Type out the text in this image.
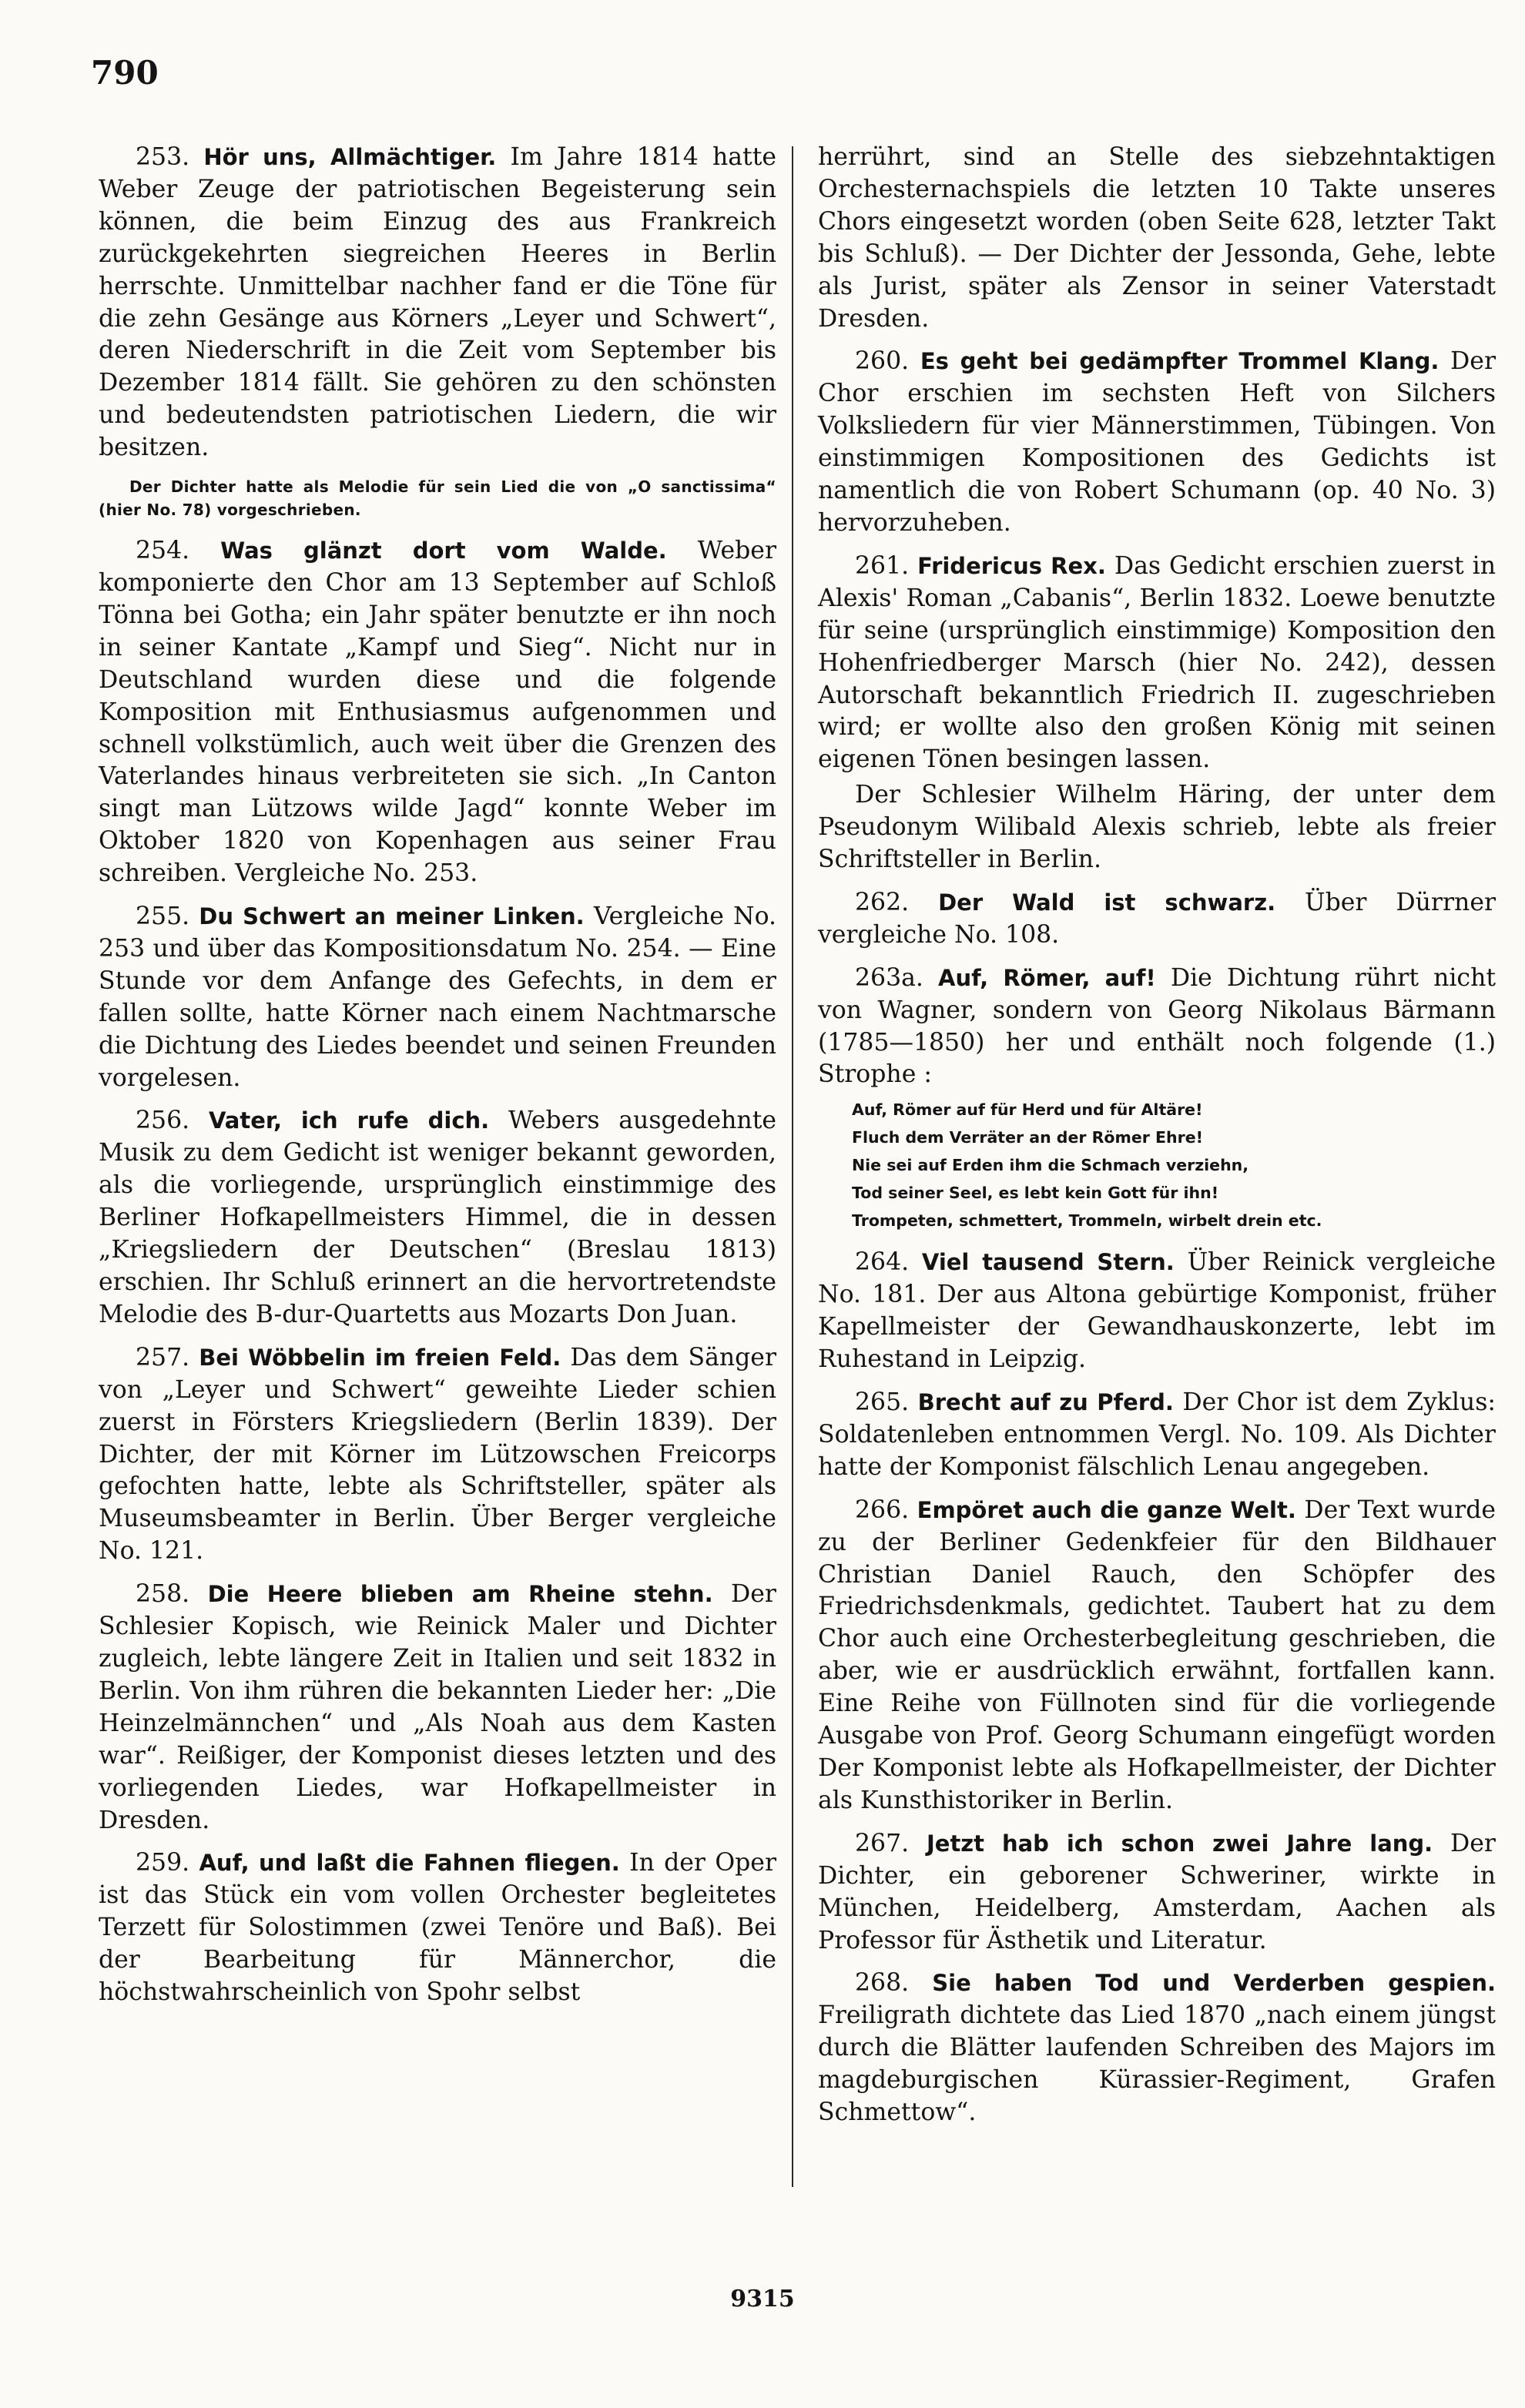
790

253. Hör uns, Allmächtiger. Im Jahre 1814 hatte Weber Zeuge der patriotischen Begeisterung sein können, die beim Einzug des aus Frankreich zurückgekehrten siegreichen Heeres in Berlin herrschte. Unmittelbar nachher fand er die Töne für die zehn Gesänge aus Körners „Leyer und Schwert“, deren Niederschrift in die Zeit vom September bis Dezember 1814 fällt. Sie gehören zu den schönsten und bedeutendsten patriotischen Liedern, die wir besitzen.

Der Dichter hatte als Melodie für sein Lied die von „O sanctissima“ (hier No. 78) vorgeschrieben.

254. Was glänzt dort vom Walde. Weber komponierte den Chor am 13 September auf Schloß Tönna bei Gotha; ein Jahr später benutzte er ihn noch in seiner Kantate „Kampf und Sieg“. Nicht nur in Deutschland wurden diese und die folgende Komposition mit Enthusiasmus aufgenommen und schnell volkstümlich, auch weit über die Grenzen des Vaterlandes hinaus verbreiteten sie sich. „In Canton singt man Lützows wilde Jagd“ konnte Weber im Oktober 1820 von Kopenhagen aus seiner Frau schreiben. Vergleiche No. 253.

255. Du Schwert an meiner Linken. Vergleiche No. 253 und über das Kompositionsdatum No. 254. — Eine Stunde vor dem Anfange des Gefechts, in dem er fallen sollte, hatte Körner nach einem Nachtmarsche die Dichtung des Liedes beendet und seinen Freunden vorgelesen.

256. Vater, ich rufe dich. Webers ausgedehnte Musik zu dem Gedicht ist weniger bekannt geworden, als die vorliegende, ursprünglich einstimmige des Berliner Hofkapellmeisters Himmel, die in dessen „Kriegsliedern der Deutschen“ (Breslau 1813) erschien. Ihr Schluß erinnert an die hervortretendste Melodie des B-dur-Quartetts aus Mozarts Don Juan.

257. Bei Wöbbelin im freien Feld. Das dem Sänger von „Leyer und Schwert“ geweihte Lieder schien zuerst in Försters Kriegsliedern (Berlin 1839). Der Dichter, der mit Körner im Lützowschen Freicorps gefochten hatte, lebte als Schriftsteller, später als Museumsbeamter in Berlin. Über Berger vergleiche No. 121.

258. Die Heere blieben am Rheine stehn. Der Schlesier Kopisch, wie Reinick Maler und Dichter zugleich, lebte längere Zeit in Italien und seit 1832 in Berlin. Von ihm rühren die bekannten Lieder her: „Die Heinzelmännchen“ und „Als Noah aus dem Kasten war“. Reißiger, der Komponist dieses letzten und des vorliegenden Liedes, war Hofkapellmeister in Dresden.

259. Auf, und laßt die Fahnen fliegen. In der Oper ist das Stück ein vom vollen Orchester begleitetes Terzett für Solostimmen (zwei Tenöre und Baß). Bei der Bearbeitung für Männerchor, die höchstwahrscheinlich von Spohr selbst

herrührt, sind an Stelle des siebzehntaktigen Orchesternachspiels die letzten 10 Takte unseres Chors eingesetzt worden (oben Seite 628, letzter Takt bis Schluß). — Der Dichter der Jessonda, Gehe, lebte als Jurist, später als Zensor in seiner Vaterstadt Dresden.

260. Es geht bei gedämpfter Trommel Klang. Der Chor erschien im sechsten Heft von Silchers Volksliedern für vier Männerstimmen, Tübingen. Von einstimmigen Kompositionen des Gedichts ist namentlich die von Robert Schumann (op. 40 No. 3) hervorzuheben.

261. Fridericus Rex. Das Gedicht erschien zuerst in Alexis' Roman „Cabanis“, Berlin 1832. Loewe benutzte für seine (ursprünglich einstimmige) Komposition den Hohenfriedberger Marsch (hier No. 242), dessen Autorschaft bekanntlich Friedrich II. zugeschrieben wird; er wollte also den großen König mit seinen eigenen Tönen besingen lassen.

Der Schlesier Wilhelm Häring, der unter dem Pseudonym Wilibald Alexis schrieb, lebte als freier Schriftsteller in Berlin.

262. Der Wald ist schwarz. Über Dürrner vergleiche No. 108.

263a. Auf, Römer, auf! Die Dichtung rührt nicht von Wagner, sondern von Georg Nikolaus Bärmann (1785—1850) her und enthält noch folgende (1.) Strophe :

Auf, Römer auf für Herd und für Altäre!
Fluch dem Verräter an der Römer Ehre!
Nie sei auf Erden ihm die Schmach verziehn,
Tod seiner Seel, es lebt kein Gott für ihn!
Trompeten, schmettert, Trommeln, wirbelt drein etc.

264. Viel tausend Stern. Über Reinick vergleiche No. 181. Der aus Altona gebürtige Komponist, früher Kapellmeister der Gewandhauskonzerte, lebt im Ruhestand in Leipzig.

265. Brecht auf zu Pferd. Der Chor ist dem Zyklus: Soldatenleben entnommen Vergl. No. 109. Als Dichter hatte der Komponist fälschlich Lenau angegeben.

266. Empöret auch die ganze Welt. Der Text wurde zu der Berliner Gedenkfeier für den Bildhauer Christian Daniel Rauch, den Schöpfer des Friedrichsdenkmals, gedichtet. Taubert hat zu dem Chor auch eine Orchesterbegleitung geschrieben, die aber, wie er ausdrücklich erwähnt, fortfallen kann. Eine Reihe von Füllnoten sind für die vorliegende Ausgabe von Prof. Georg Schumann eingefügt worden Der Komponist lebte als Hofkapellmeister, der Dichter als Kunsthistoriker in Berlin.

267. Jetzt hab ich schon zwei Jahre lang. Der Dichter, ein geborener Schweriner, wirkte in München, Heidelberg, Amsterdam, Aachen als Professor für Ästhetik und Literatur.

268. Sie haben Tod und Verderben gespien. Freiligrath dichtete das Lied 1870 „nach einem jüngst durch die Blätter laufenden Schreiben des Majors im magdeburgischen Kürassier-Regiment, Grafen Schmettow“.

9315
